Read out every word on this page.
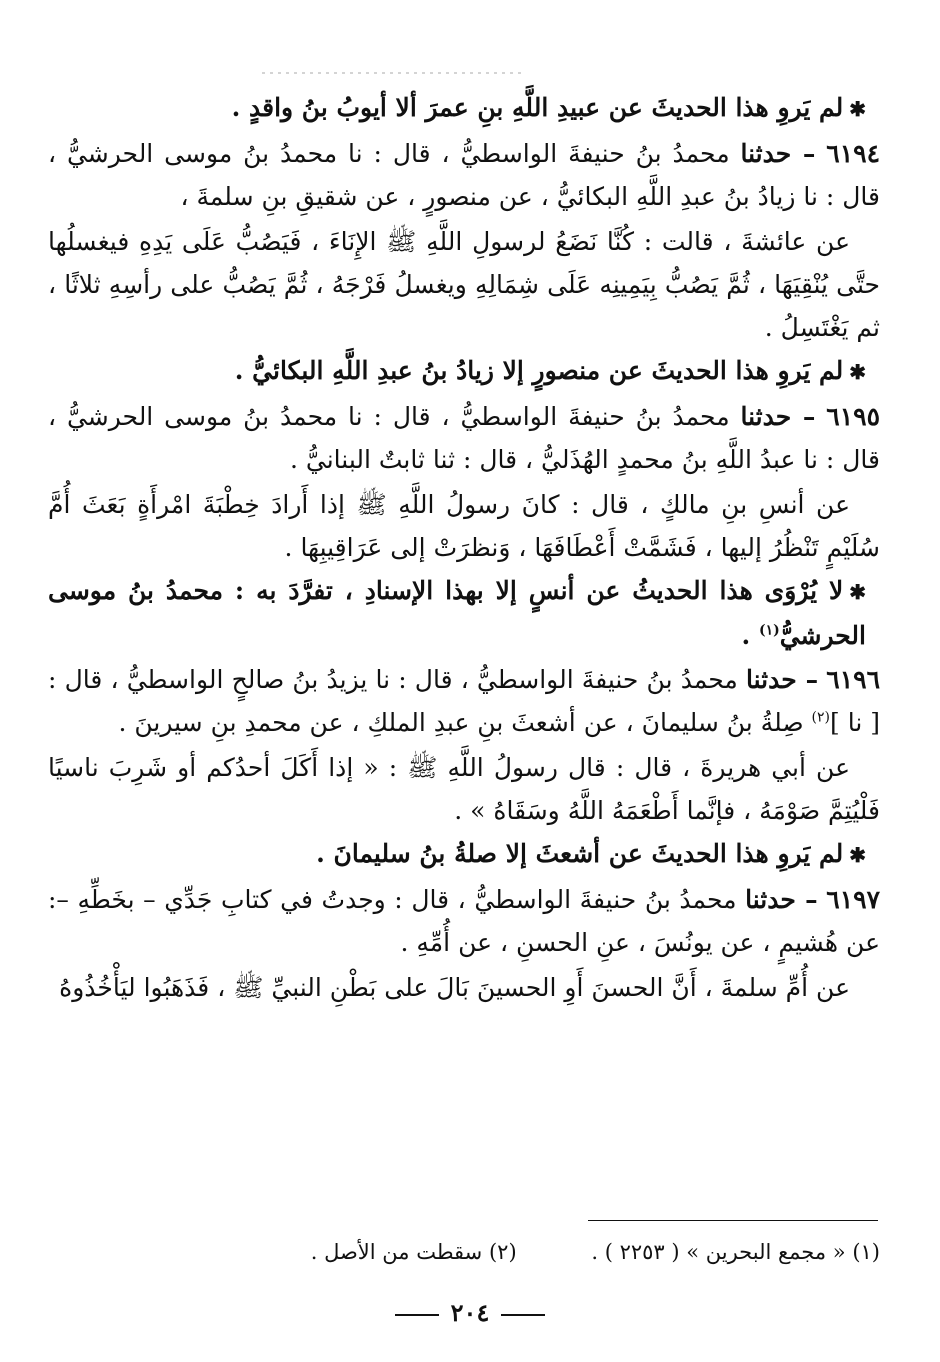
✱لم يَروِ هذا الحديثَ عن عبيدِ اللَّهِ بنِ عمرَ ألا أيوبُ بنُ واقدٍ .

٦١٩٤ – حدثنا محمدُ بنُ حنيفةَ الواسطيُّ ، قال : نا محمدُ بنُ موسى الحرشيُّ ، قال : نا زيادُ بنُ عبدِ اللَّهِ البكائيُّ ، عن منصورٍ ، عن شقيقِ بنِ سلمةَ ،

عن عائشةَ ، قالت : كُنَّا نَضَعُ لرسولِ اللَّهِ ﷺ الإِنَاءَ ، فَيَصُبُّ عَلَى يَدِهِ فيغسلُها حتَّى يُنْقِيَهَا ، ثُمَّ يَصُبُّ بِيَمِينِه عَلَى شِمَالِهِ ويغسلُ فَرْجَهُ ، ثُمَّ يَصُبُّ على رأسِهِ ثلاثًا ، ثم يَغْتَسِلُ .

✱لم يَروِ هذا الحديثَ عن منصورٍ إلا زيادُ بنُ عبدِ اللَّهِ البكائيُّ .

٦١٩٥ – حدثنا محمدُ بنُ حنيفةَ الواسطيُّ ، قال : نا محمدُ بنُ موسى الحرشيُّ ، قال : نا عبدُ اللَّهِ بنُ محمدٍ الهُذَليُّ ، قال : ثنا ثابتٌ البنانيُّ .

عن أنسِ بنِ مالكٍ ، قال : كانَ رسولُ اللَّهِ ﷺ إذا أَرادَ خِطْبَةَ امْرأَةٍ بَعَثَ أُمَّ سُلَيْمٍ تَنْظُرُ إليها ، فَشَمَّتْ أَعْطَافَهَا ، وَنظرَتْ إلى عَرَاقِيبِهَا .

✱لا يُرْوَى هذا الحديثُ عن أنسٍ إلا بهذا الإسنادِ ، تفرَّدَ به : محمدُ بنُ موسى الحرشيُّ$^{(١)}$ .

٦١٩٦ – حدثنا محمدُ بنُ حنيفةَ الواسطيُّ ، قال : نا يزيدُ بنُ صالحٍ الواسطيُّ ، قال : [ نا ]$^{(٢)}$ صِلةُ بنُ سليمانَ ، عن أشعثَ بنِ عبدِ الملكِ ، عن محمدِ بنِ سيرينَ .

عن أبي هريرةَ ، قال : قال رسولُ اللَّهِ ﷺ : « إذا أَكَلَ أحدُكم أو شَرِبَ ناسيًا فَلْيُتِمَّ صَوْمَهُ ، فإنَّما أَطْعَمَهُ اللَّهُ وسَقَاهُ » .

✱لم يَروِ هذا الحديثَ عن أشعثَ إلا صلةُ بنُ سليمانَ .

٦١٩٧ – حدثنا محمدُ بنُ حنيفةَ الواسطيُّ ، قال : وجدتُ في كتابِ جَدِّي – بخَطِّهِ –: عن هُشيمٍ ، عن يونُسَ ، عنِ الحسنِ ، عن أُمِّهِ .

عن أُمِّ سلمةَ ، أَنَّ الحسنَ أَوِ الحسينَ بَالَ على بَطْنِ النبيِّ ﷺ ، فَذَهَبُوا ليَأْخُذُوهُ

(١) « مجمع البحرين » ( ٢٢٥٣ ) . (٢) سقطت من الأصل .
٢٠٤
